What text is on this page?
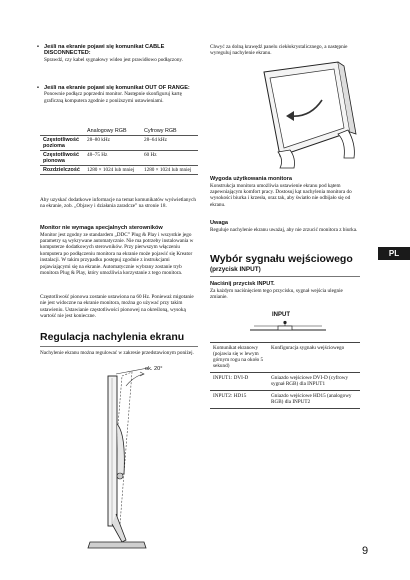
• Jeśli na ekranie pojawi się komunikat CABLE DISCONNECTED:
Sprawdź, czy kabel sygnałowy wideo jest prawidłowo podłączony.
• Jeśli na ekranie pojawi się komunikat OUT OF RANGE:
Ponownie podłącz poprzedni monitor. Następnie skonfiguruj kartę graficzną komputera zgodnie z poniższymi ustawieniami.
	Analogowy RGB	Cyfrowy RGB
Częstotliwość pozioma	28–80 kHz	28–64 kHz
Częstotliwość pionowa	48–75 Hz	60 Hz
Rozdzielczość	1280 × 1024 lub mniej	1280 × 1024 lub mniej
Aby uzyskać dodatkowe informacje na temat komunikatów wyświetlanych na ekranie, zob. „Objawy i działania zaradcze” na stronie 18.
Monitor nie wymaga specjalnych sterowników
Monitor jest zgodny ze standardem „DDC” Plug & Play i wszystkie jego parametry są wykrywane automatycznie. Nie ma potrzeby instalowania w komputerze dodatkowych sterowników. Przy pierwszym włączeniu komputera po podłączeniu monitora na ekranie może pojawić się Kreator instalacji. W takim przypadku postępuj zgodnie z instrukcjami pojawiającymi się na ekranie. Automatycznie wybrany zostanie tryb monitora Plug & Play, który umożliwia korzystanie z tego monitora.
Częstotliwość pionowa zostanie ustawiona na 60 Hz. Ponieważ migotanie nie jest widoczne na ekranie monitora, można go używać przy takim ustawieniu. Ustawianie częstotliwości pionowej na określoną, wysoką wartość nie jest konieczne.
Regulacja nachylenia ekranu
Nachylenie ekranu można regulować w zakresie przedstawionym poniżej.
ok. 20°
Chwyć za dolną krawędź panelu ciekłokrystalicznego, a następnie wyreguluj nachylenie ekranu.
Wygoda użytkowania monitora
Konstrukcja monitora umożliwia ustawienie ekranu pod kątem zapewniającym komfort pracy. Dostosuj kąt nachylenia monitora do wysokości biurka i krzesła, oraz tak, aby światło nie odbijało się od ekranu.
Uwaga
Reguluje nachylenie ekranu uważaj, aby nie zrzucić monitora z biurka.
Wybór sygnału wejściowego
(przycisk INPUT)
PL
Naciśnij przycisk INPUT.
Za każdym naciśnięciem tego przycisku, sygnał wejścia ulegnie zmianie.
INPUT
Komunikat ekranowy (pojawia się w lewym górnym rogu na około 5 sekund)	Konfiguracja sygnału wejściowego
INPUT1: DVI-D	Gniazdo wejściowe DVI-D (cyfrowy sygnał RGB) dla INPUT1
INPUT2: HD15	Gniazdo wejściowe HD15 (analogowy RGB) dla INPUT2
9
